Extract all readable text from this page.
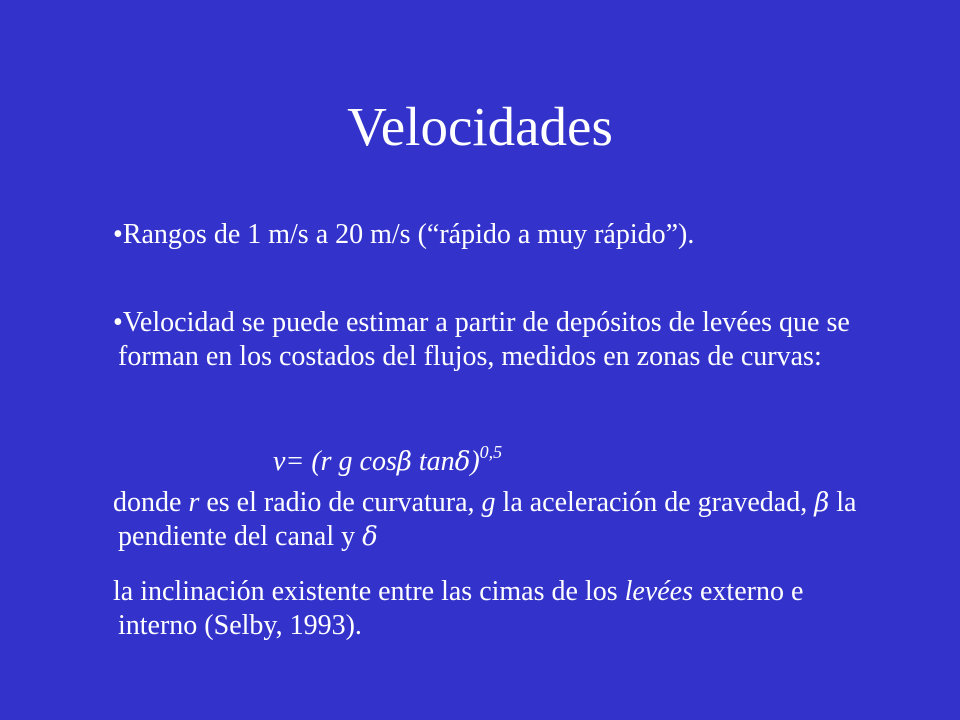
Velocidades

•Rangos de 1 m/s a 20 m/s (“rápido a muy rápido”).

•Velocidad se puede estimar a partir de depósitos de levées que se forman en los costados del flujos, medidos en zonas de curvas:

v= (r g cosβ tanδ)$^{0,5}$

donde r es el radio de curvatura, g la aceleración de gravedad, β la pendiente del canal y δ

la inclinación existente entre las cimas de los levées externo e interno (Selby, 1993).
